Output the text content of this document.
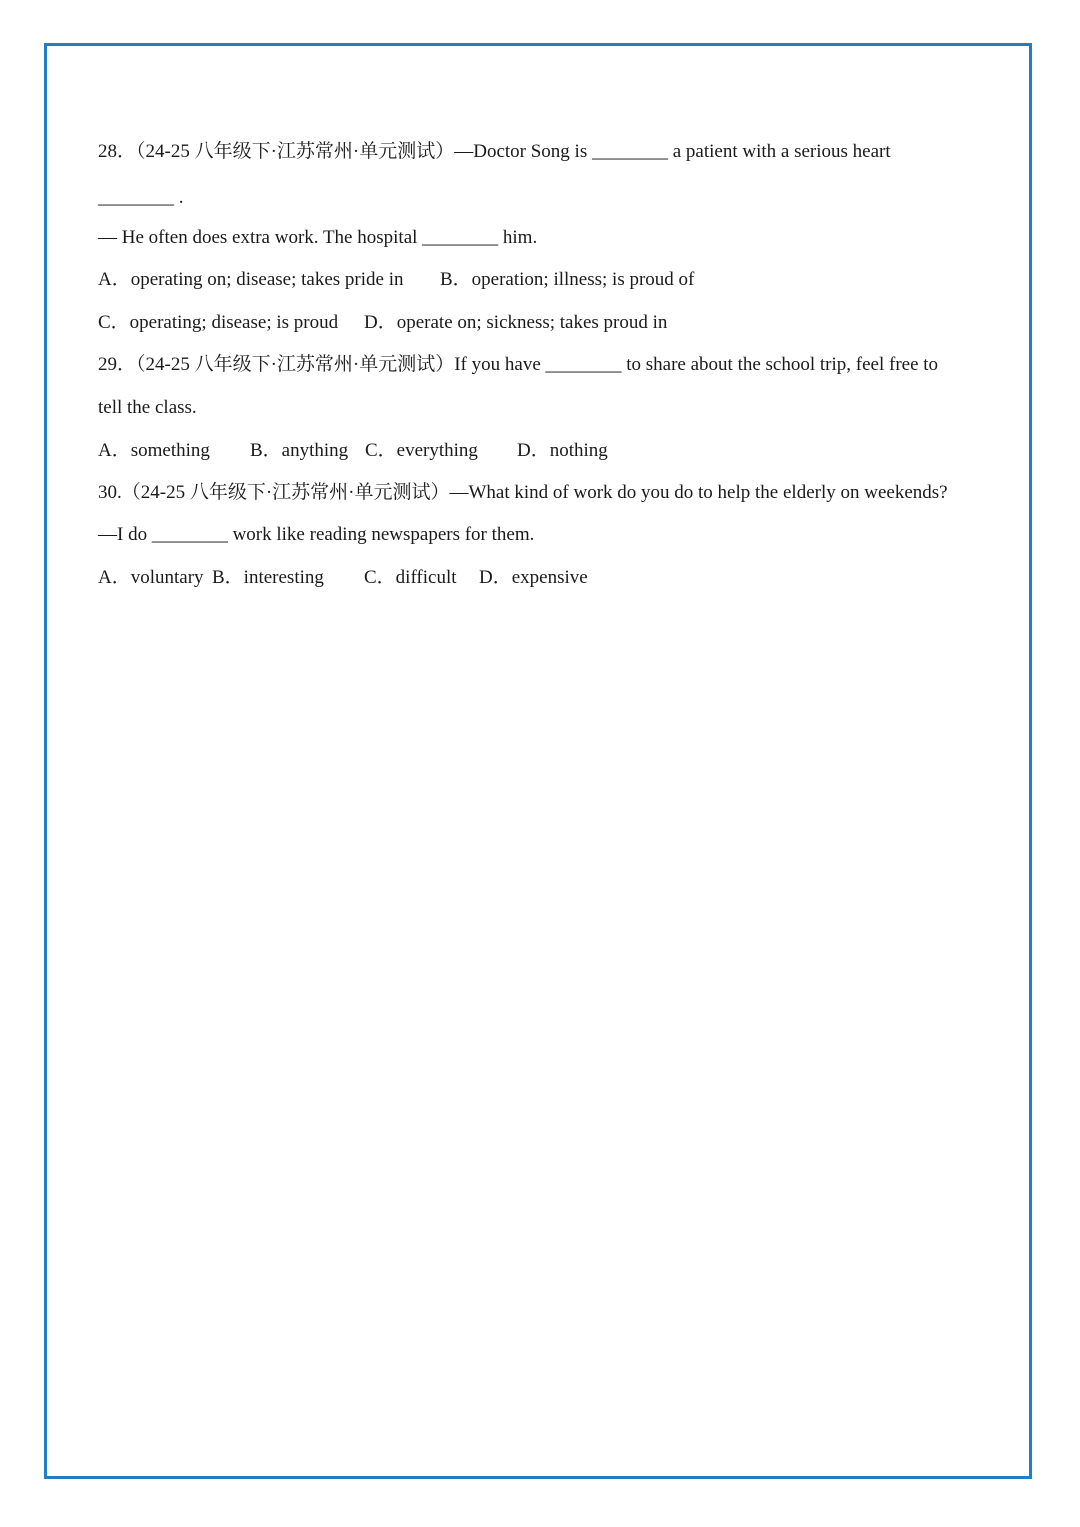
28．（24-25 八年级下·江苏常州·单元测试）—Doctor Song is ________ a patient with a serious heart
________ .
— He often does extra work. The hospital ________ him.
A．operating on; disease; takes pride in B．operation; illness; is proud of
C．operating; disease; is proud D．operate on; sickness; takes proud in
29．（24-25 八年级下·江苏常州·单元测试）If you have ________ to share about the school trip, feel free to
tell the class.
A．something B．anything C．everything D．nothing
30.（24-25 八年级下·江苏常州·单元测试）—What kind of work do you do to help the elderly on weekends?
—I do ________ work like reading newspapers for them.
A．voluntary B．interesting C．difficult D．expensive
